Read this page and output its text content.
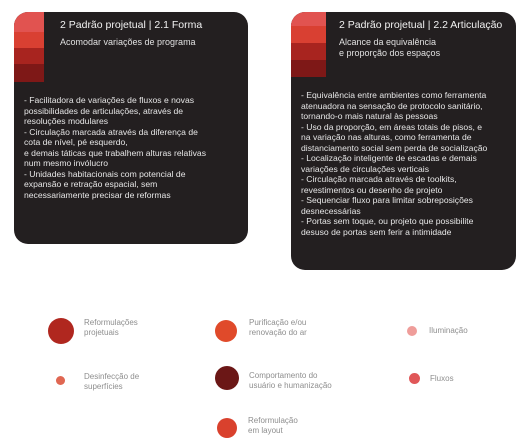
2 Padrão projetual | 2.1 Forma
Acomodar variações de programa
- Facilitadora de variações de fluxos e novas
possibilidades de articulações, através de
resoluções modulares
- Circulação marcada através da diferença de
cota de nível, pé esquerdo,
e demais táticas que trabalhem alturas relativas
num mesmo invólucro
- Unidades habitacionais com potencial de
expansão e retração espacial, sem
necessariamente precisar de reformas
2 Padrão projetual | 2.2 Articulação
Alcance da equivalência
e proporção dos espaços
- Equivalência entre ambientes como ferramenta
atenuadora na sensação de protocolo sanitário,
tornando-o mais natural às pessoas
- Uso da proporção, em áreas totais de pisos, e
na variação nas alturas, como ferramenta de
distanciamento social sem perda de socialização
- Localização inteligente de escadas e demais
variações de circulações verticais
- Circulação marcada através de toolkits,
revestimentos ou desenho de projeto
- Sequenciar fluxo para limitar sobreposições
desnecessárias
- Portas sem toque, ou projeto que possibilite
desuso de portas sem ferir a intimidade
Reformulações
projetuais
Purificação e/ou
renovação do ar	Iluminação
Desinfecção de
superfícies
Comportamento do
usuário e humanização
Fluxos
Reformulação
em layout
